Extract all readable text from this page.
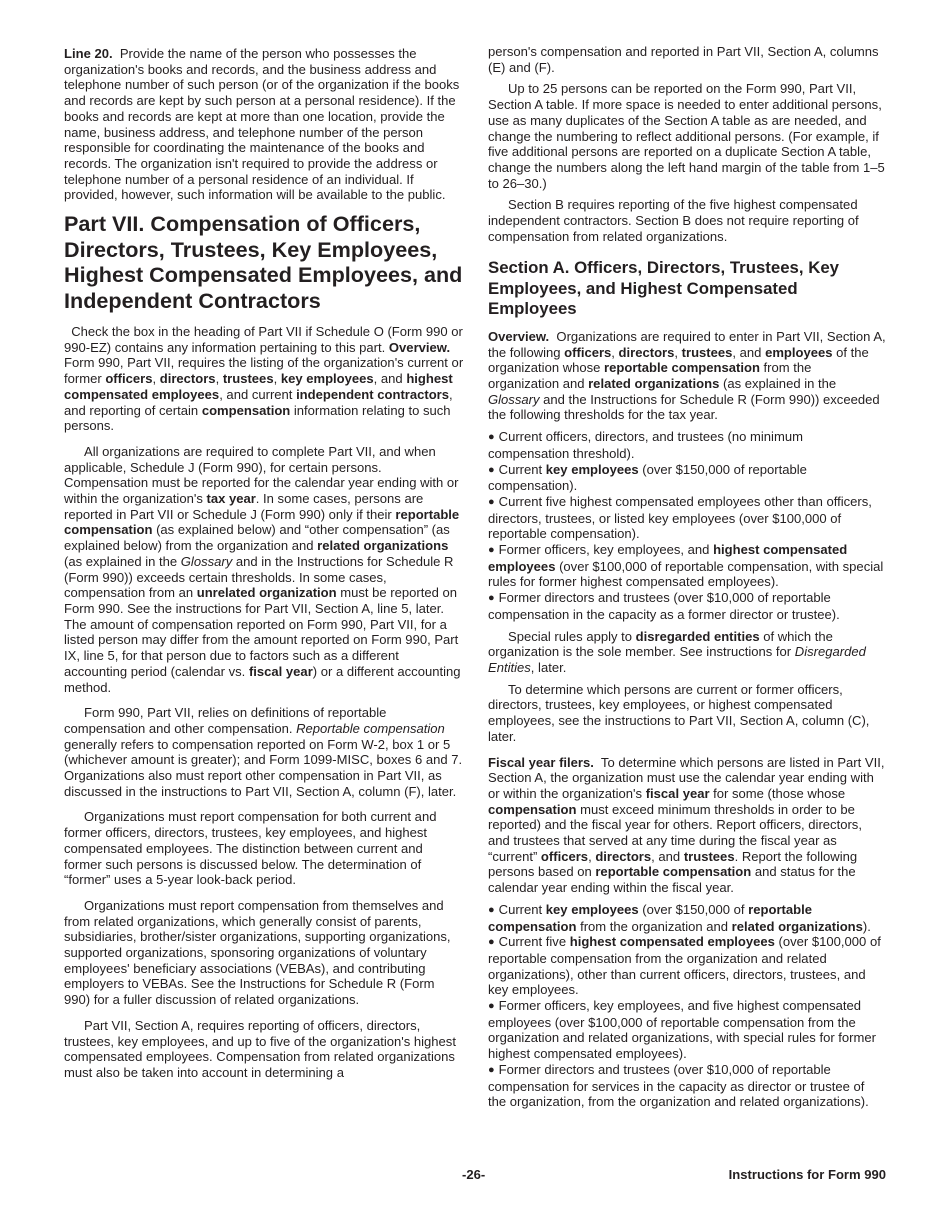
Line 20. Provide the name of the person who possesses the organization's books and records, and the business address and telephone number of such person (or of the organization if the books and records are kept by such person at a personal residence). If the books and records are kept at more than one location, provide the name, business address, and telephone number of the person responsible for coordinating the maintenance of the books and records. The organization isn't required to provide the address or telephone number of a personal residence of an individual. If provided, however, such information will be available to the public.

Part VII. Compensation of Officers, Directors, Trustees, Key Employees, Highest Compensated Employees, and Independent Contractors

Check the box in the heading of Part VII if Schedule O (Form 990 or 990-EZ) contains any information pertaining to this part. Overview. Form 990, Part VII, requires the listing of the organization's current or former officers, directors, trustees, key employees, and highest compensated employees, and current independent contractors, and reporting of certain compensation information relating to such persons.

All organizations are required to complete Part VII, and when applicable, Schedule J (Form 990), for certain persons. Compensation must be reported for the calendar year ending with or within the organization's tax year. In some cases, persons are reported in Part VII or Schedule J (Form 990) only if their reportable compensation (as explained below) and “other compensation” (as explained below) from the organization and related organizations (as explained in the Glossary and in the Instructions for Schedule R (Form 990)) exceeds certain thresholds. In some cases, compensation from an unrelated organization must be reported on Form 990. See the instructions for Part VII, Section A, line 5, later. The amount of compensation reported on Form 990, Part VII, for a listed person may differ from the amount reported on Form 990, Part IX, line 5, for that person due to factors such as a different accounting period (calendar vs. fiscal year) or a different accounting method.

Form 990, Part VII, relies on definitions of reportable compensation and other compensation. Reportable compensation generally refers to compensation reported on Form W-2, box 1 or 5 (whichever amount is greater); and Form 1099-MISC, boxes 6 and 7. Organizations also must report other compensation in Part VII, as discussed in the instructions to Part VII, Section A, column (F), later.

Organizations must report compensation for both current and former officers, directors, trustees, key employees, and highest compensated employees. The distinction between current and former such persons is discussed below. The determination of “former” uses a 5-year look-back period.

Organizations must report compensation from themselves and from related organizations, which generally consist of parents, subsidiaries, brother/sister organizations, supporting organizations, supported organizations, sponsoring organizations of voluntary employees' beneficiary associations (VEBAs), and contributing employers to VEBAs. See the Instructions for Schedule R (Form 990) for a fuller discussion of related organizations.

Part VII, Section A, requires reporting of officers, directors, trustees, key employees, and up to five of the organization's highest compensated employees. Compensation from related organizations must also be taken into account in determining a

person's compensation and reported in Part VII, Section A, columns (E) and (F).

Up to 25 persons can be reported on the Form 990, Part VII, Section A table. If more space is needed to enter additional persons, use as many duplicates of the Section A table as are needed, and change the numbering to reflect additional persons. (For example, if five additional persons are reported on a duplicate Section A table, change the numbers along the left hand margin of the table from 1–5 to 26–30.)

Section B requires reporting of the five highest compensated independent contractors. Section B does not require reporting of compensation from related organizations.

Section A. Officers, Directors, Trustees, Key Employees, and Highest Compensated Employees

Overview. Organizations are required to enter in Part VII, Section A, the following officers, directors, trustees, and employees of the organization whose reportable compensation from the organization and related organizations (as explained in the Glossary and the Instructions for Schedule R (Form 990)) exceeded the following thresholds for the tax year.

● Current officers, directors, and trustees (no minimum compensation threshold).
● Current key employees (over $150,000 of reportable compensation).
● Current five highest compensated employees other than officers, directors, trustees, or listed key employees (over $100,000 of reportable compensation).
● Former officers, key employees, and highest compensated employees (over $100,000 of reportable compensation, with special rules for former highest compensated employees).
● Former directors and trustees (over $10,000 of reportable compensation in the capacity as a former director or trustee).

Special rules apply to disregarded entities of which the organization is the sole member. See instructions for Disregarded Entities, later.

To determine which persons are current or former officers, directors, trustees, key employees, or highest compensated employees, see the instructions to Part VII, Section A, column (C), later.

Fiscal year filers. To determine which persons are listed in Part VII, Section A, the organization must use the calendar year ending with or within the organization's fiscal year for some (those whose compensation must exceed minimum thresholds in order to be reported) and the fiscal year for others. Report officers, directors, and trustees that served at any time during the fiscal year as “current” officers, directors, and trustees. Report the following persons based on reportable compensation and status for the calendar year ending within the fiscal year.

● Current key employees (over $150,000 of reportable compensation from the organization and related organizations).
● Current five highest compensated employees (over $100,000 of reportable compensation from the organization and related organizations), other than current officers, directors, trustees, and key employees.
● Former officers, key employees, and five highest compensated employees (over $100,000 of reportable compensation from the organization and related organizations, with special rules for former highest compensated employees).
● Former directors and trustees (over $10,000 of reportable compensation for services in the capacity as director or trustee of the organization, from the organization and related organizations).
-26-	Instructions for Form 990
